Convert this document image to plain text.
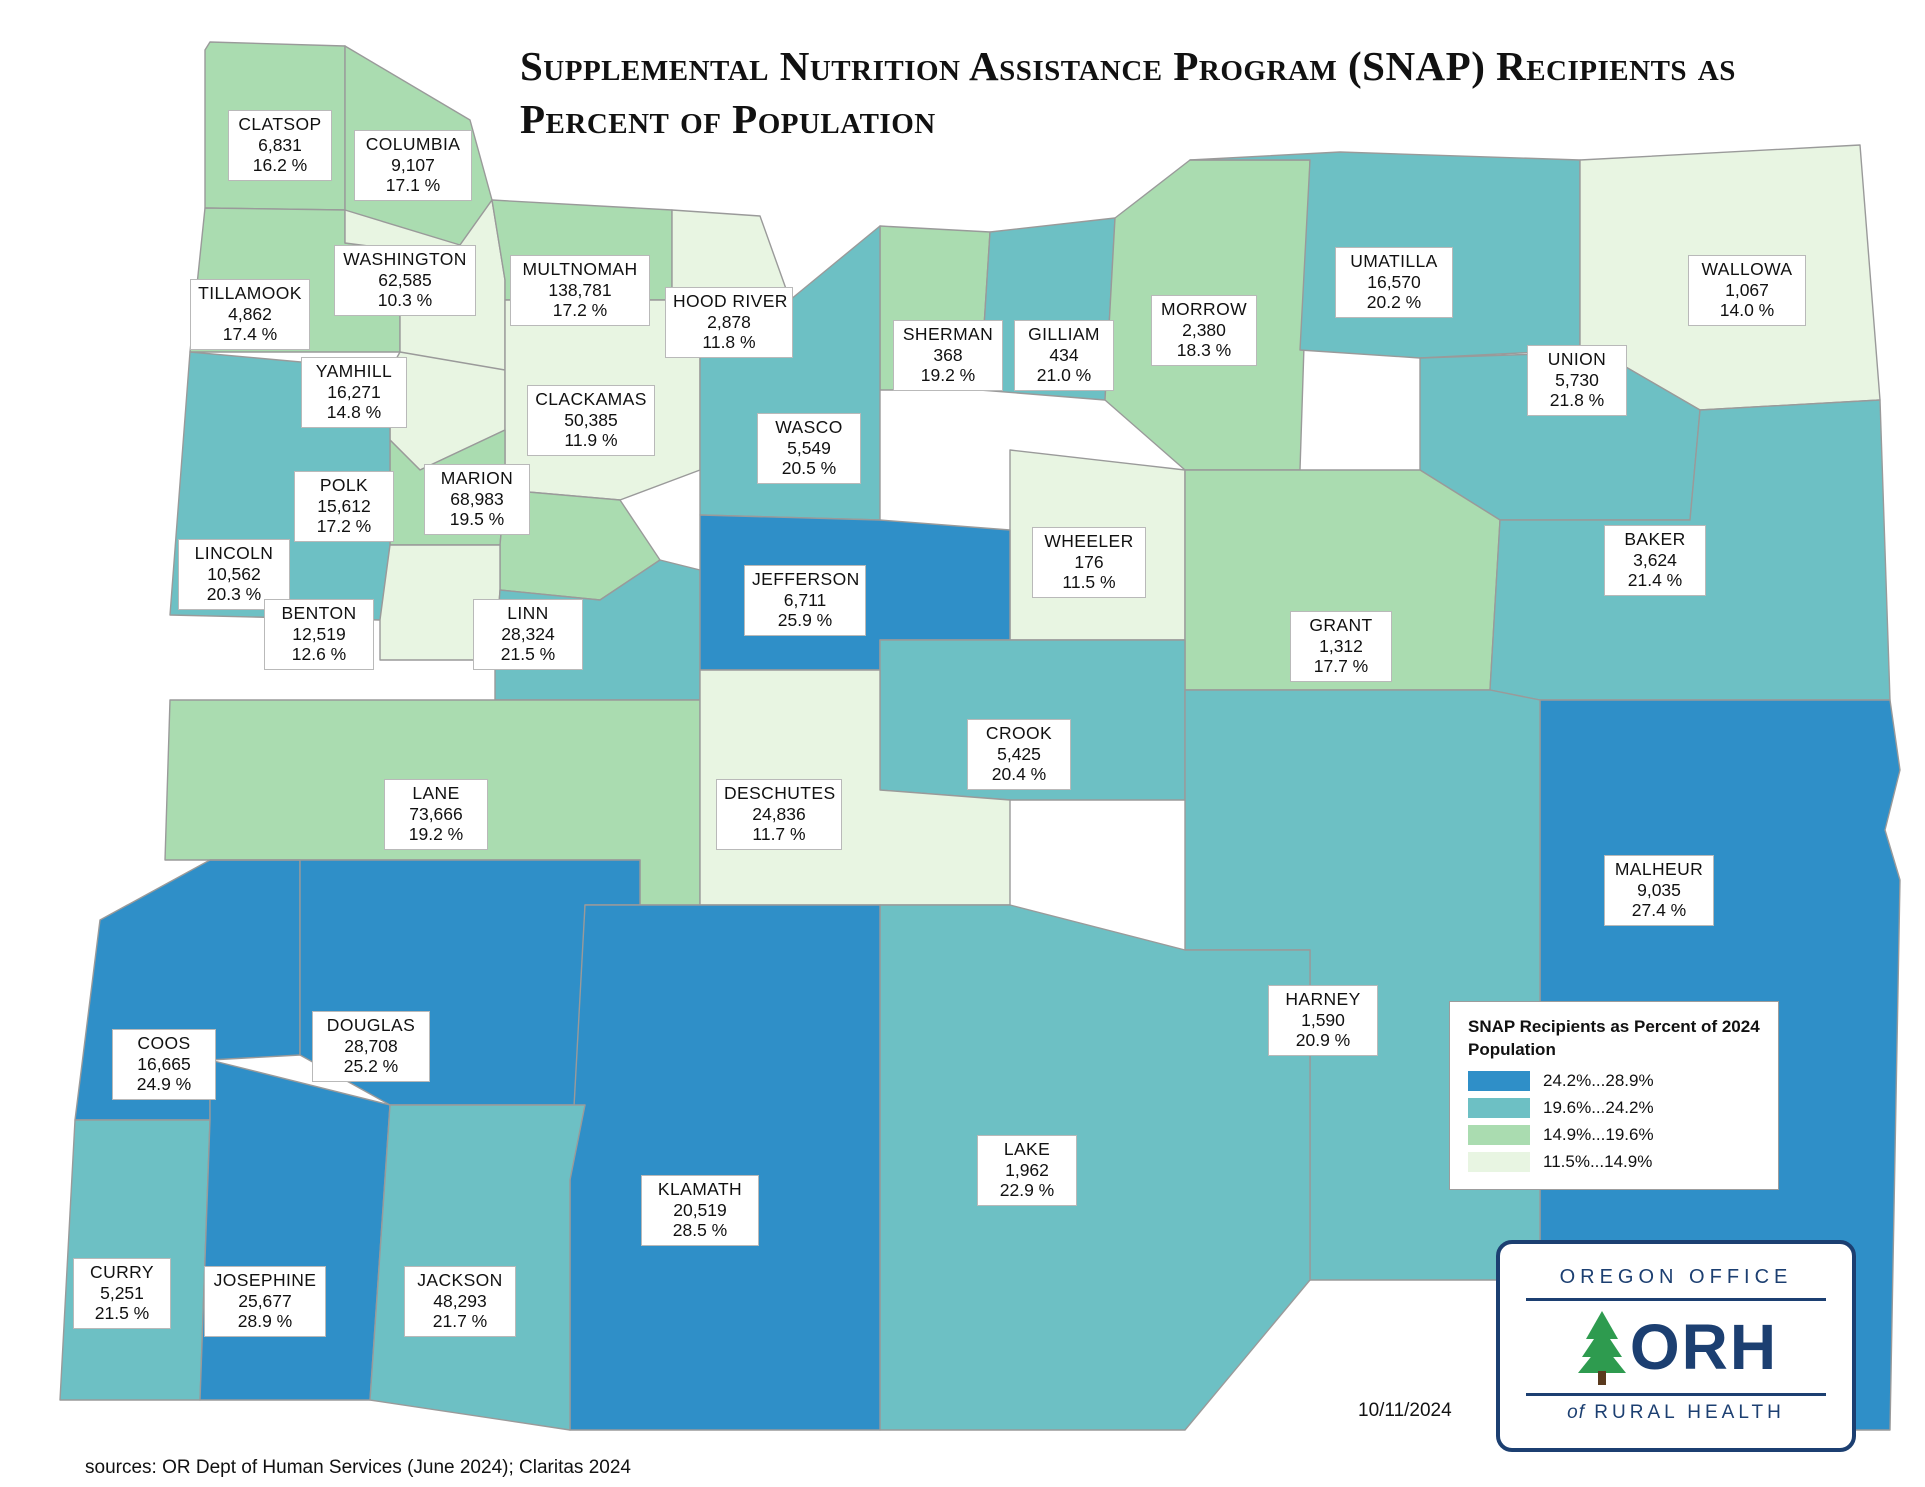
Supplemental Nutrition Assistance Program (SNAP) Recipients as Percent of Population
CLATSOP
6,831
16.2 %
COLUMBIA
9,107
17.1 %
TILLAMOOK
4,862
17.4 %
WASHINGTON
62,585
10.3 %
MULTNOMAH
138,781
17.2 %	HOOD RIVER
2,878
11.8 %	SHERMAN
368
19.2 %
GILLIAM
434
21.0 %
MORROW
2,380
18.3 %
UMATILLA
16,570
20.2 %
WALLOWA
1,067
14.0 %
UNION
5,730
21.8 %
YAMHILL
16,271
14.8 %
CLACKAMAS
50,385
11.9 %
WASCO
5,549
20.5 %
POLK
15,612
17.2 %
MARION
68,983
19.5 %
WHEELER
176
11.5 %
BAKER
3,624
21.4 %
LINCOLN
10,562
20.3 %
BENTON
12,519
12.6 %
LINN
28,324
21.5 %
JEFFERSON
6,711
25.9 %	GRANT
1,312
17.7 %
CROOK
5,425
20.4 %
LANE
73,666
19.2 %
DESCHUTES
24,836
11.7 %
MALHEUR
9,035
27.4 %
HARNEY
1,590
20.9 %
COOS
16,665
24.9 %
DOUGLAS
28,708
25.2 %
LAKE
1,962
22.9 %
KLAMATH
20,519
28.5 %
CURRY
5,251
21.5 %
JOSEPHINE
25,677
28.9 %
JACKSON
48,293
21.7 %
SNAP Recipients as Percent of 2024 Population
24.2%...28.9%
19.6%...24.2%
14.9%...19.6%
11.5%...14.9%
10/11/2024
OREGON OFFICE
ORH
of RURAL HEALTH
sources: OR Dept of Human Services (June 2024); Claritas 2024
